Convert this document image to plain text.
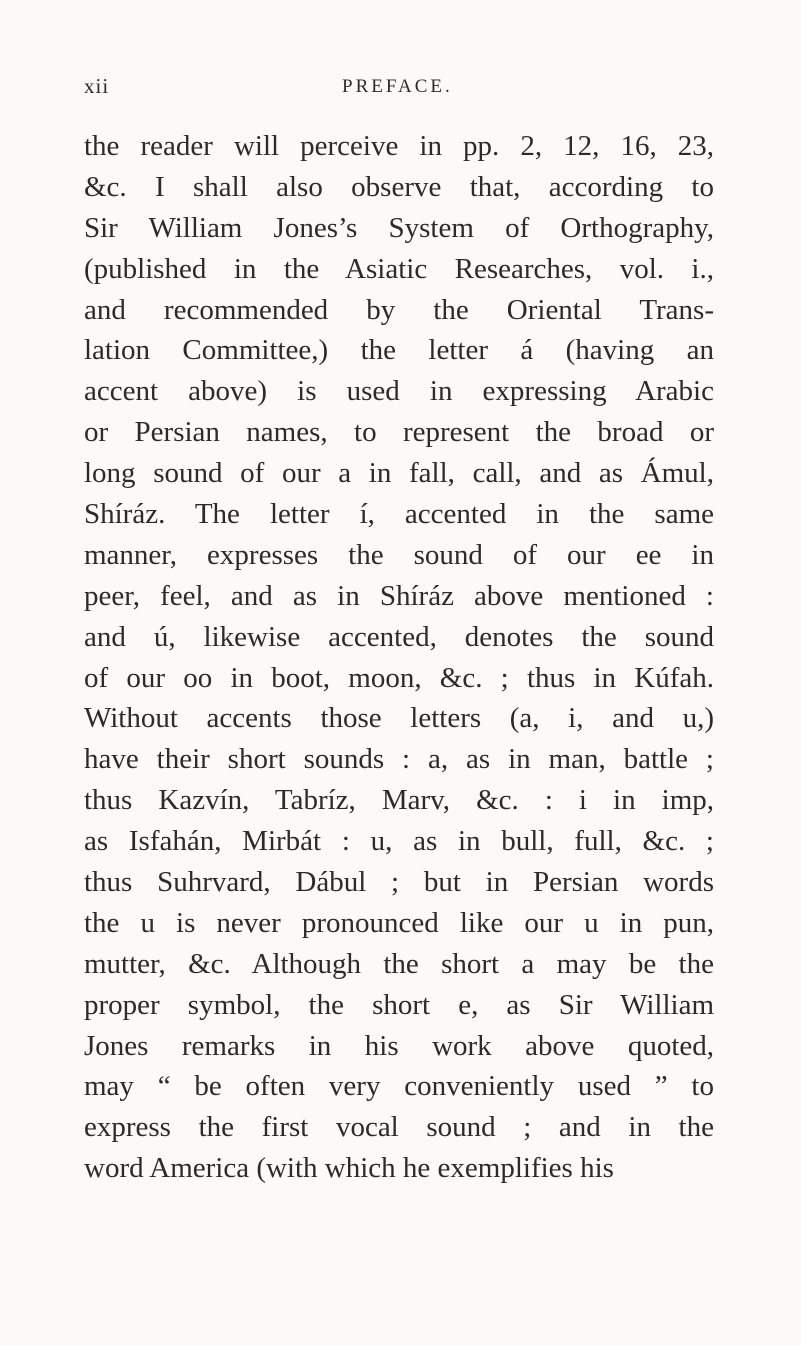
xii	PREFACE.
the reader will perceive in pp. 2, 12, 16, 23,
&c. I shall also observe that, according to
Sir William Jones’s System of Orthography,
(published in the Asiatic Researches, vol. i.,
and recommended by the Oriental Trans-
lation Committee,) the letter á (having an
accent above) is used in expressing Arabic
or Persian names, to represent the broad or
long sound of our a in fall, call, and as Ámul,
Shíráz. The letter í, accented in the same
manner, expresses the sound of our ee in
peer, feel, and as in Shíráz above mentioned :
and ú, likewise accented, denotes the sound
of our oo in boot, moon, &c. ; thus in Kúfah.
Without accents those letters (a, i, and u,)
have their short sounds : a, as in man, battle ;
thus Kazvín, Tabríz, Marv, &c. : i in imp,
as Isfahán, Mirbát : u, as in bull, full, &c. ;
thus Suhrvard, Dábul ; but in Persian words
the u is never pronounced like our u in pun,
mutter, &c. Although the short a may be the
proper symbol, the short e, as Sir William
Jones remarks in his work above quoted,
may “ be often very conveniently used ” to
express the first vocal sound ; and in the
word America (with which he exemplifies his
